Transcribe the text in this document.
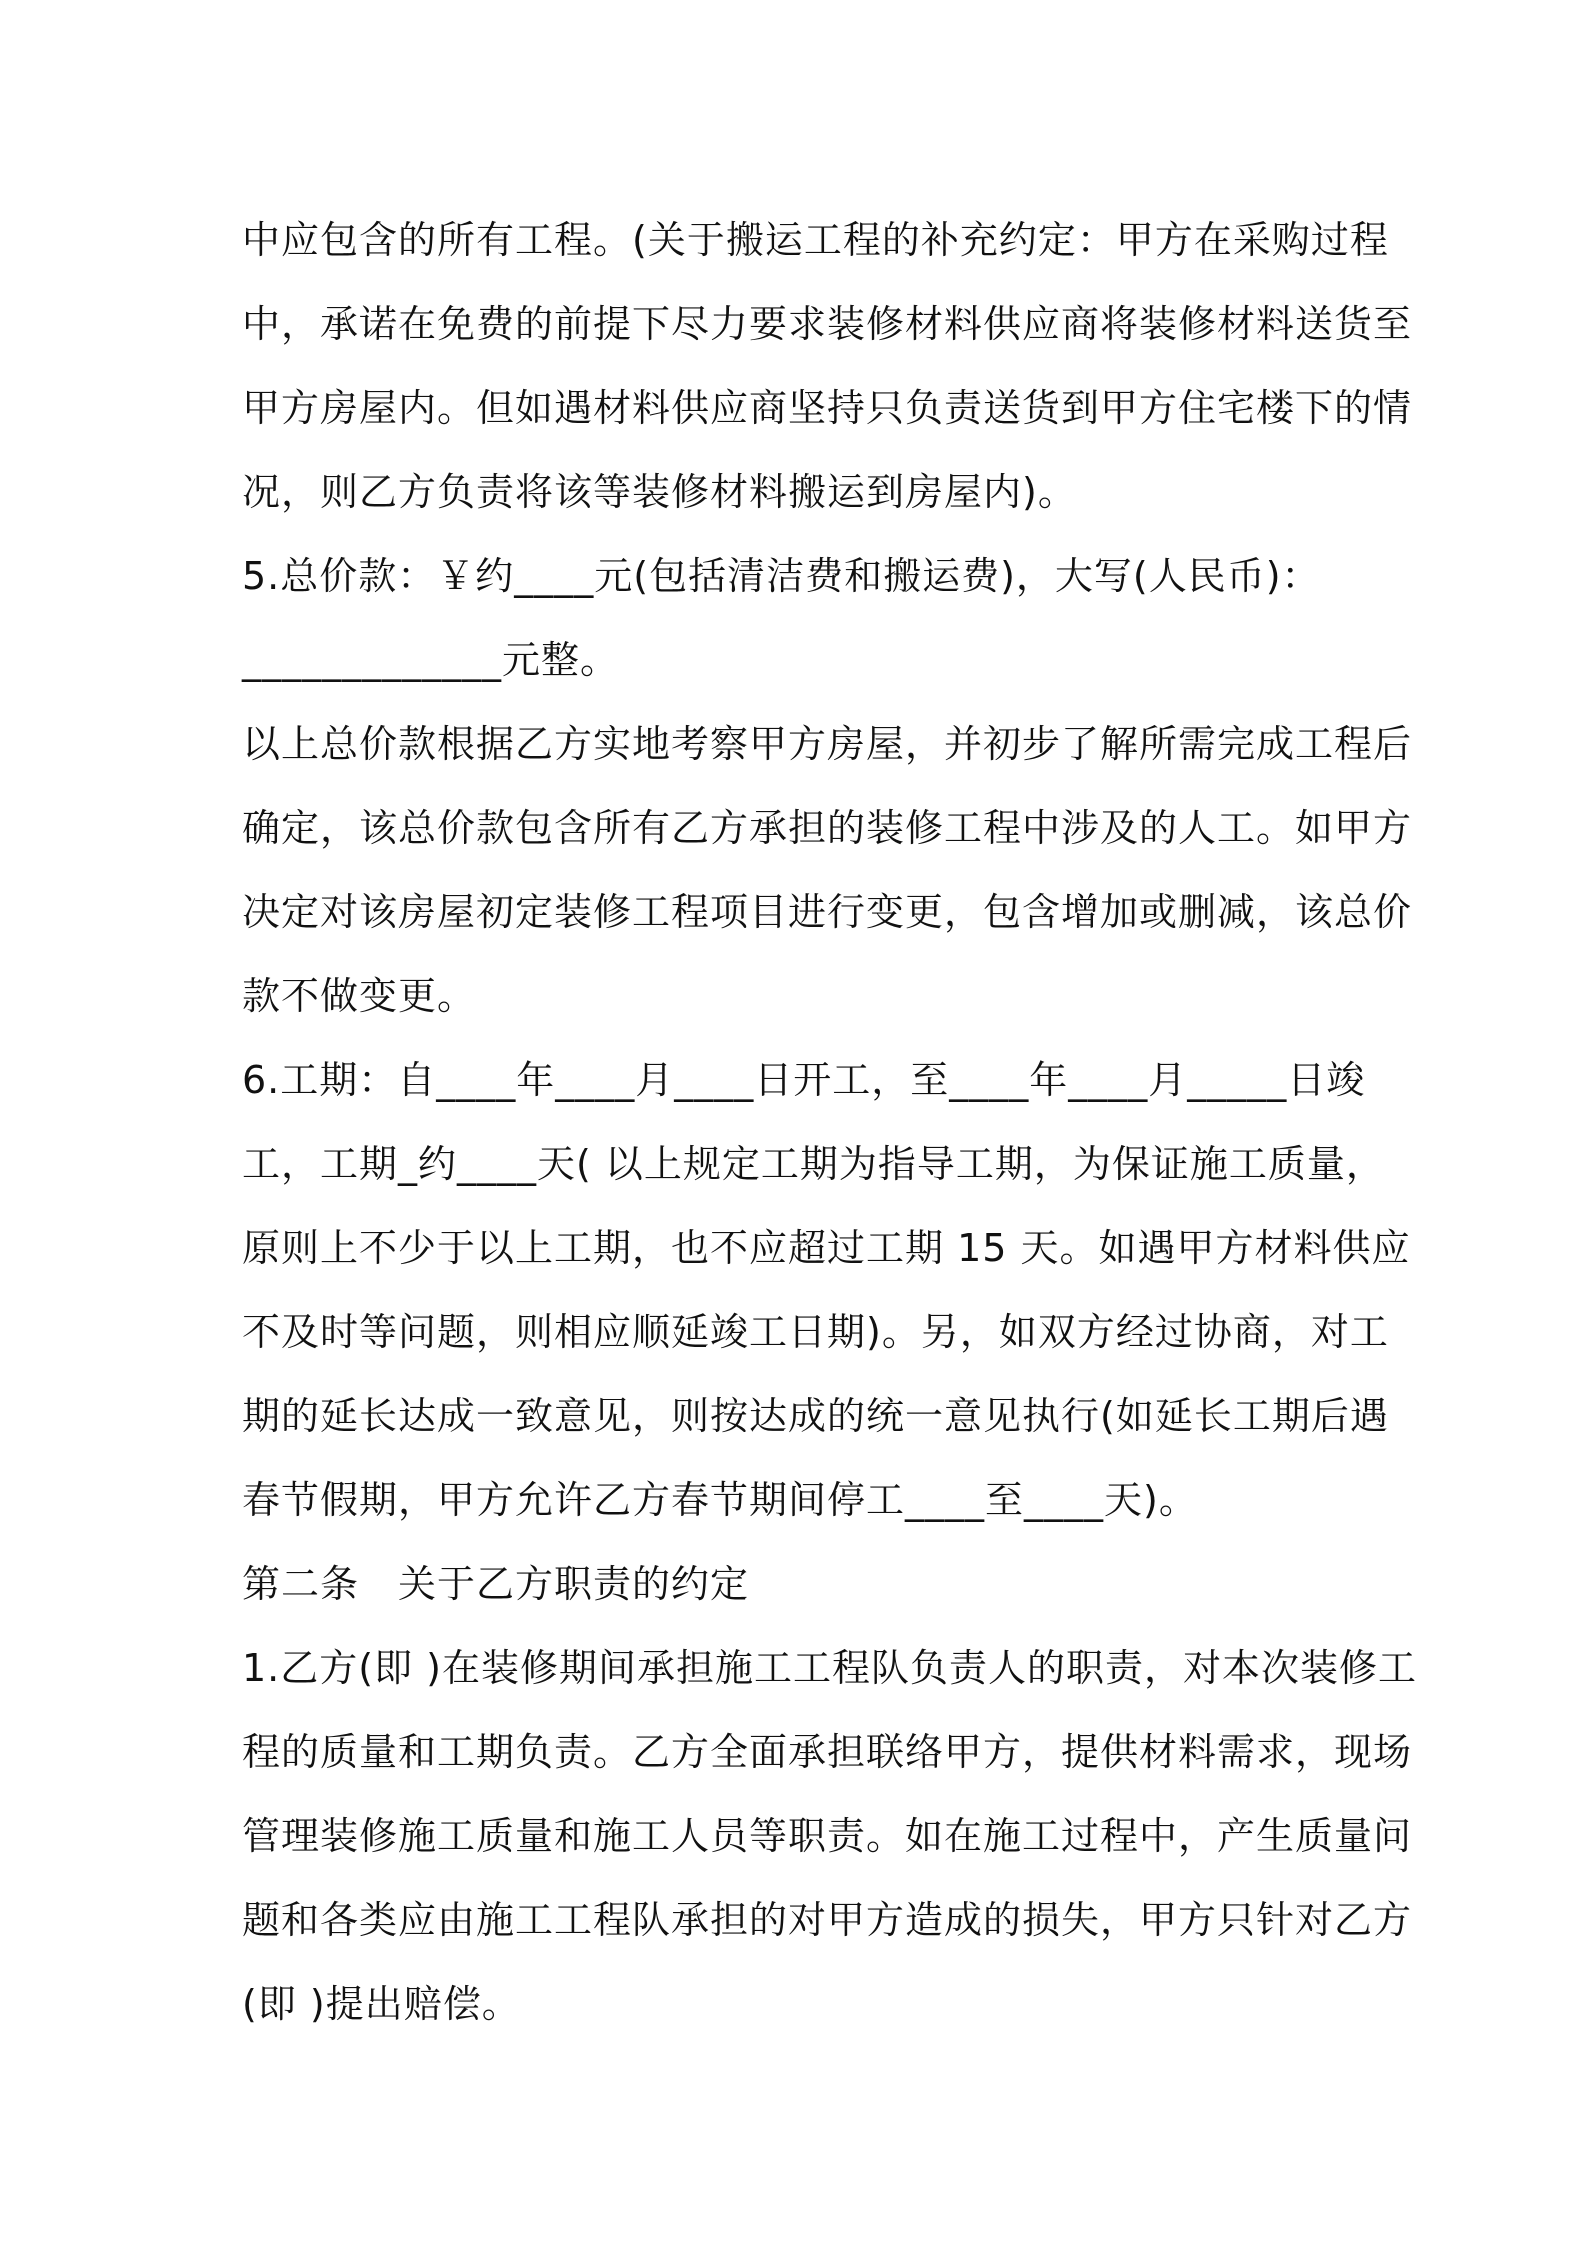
中应包含的所有工程。(关于搬运工程的补充约定：甲方在采购过程
中，承诺在免费的前提下尽力要求装修材料供应商将装修材料送货至
甲方房屋内。但如遇材料供应商坚持只负责送货到甲方住宅楼下的情
况，则乙方负责将该等装修材料搬运到房屋内)。
5.总价款：￥约____元(包括清洁费和搬运费)，大写(人民币)：
_____________元整。
以上总价款根据乙方实地考察甲方房屋，并初步了解所需完成工程后
确定，该总价款包含所有乙方承担的装修工程中涉及的人工。如甲方
决定对该房屋初定装修工程项目进行变更，包含增加或删减，该总价
款不做变更。
6.工期：自____年____月____日开工，至____年____月_____日竣
工，工期_约____天( 以上规定工期为指导工期，为保证施工质量，
原则上不少于以上工期，也不应超过工期 15 天。如遇甲方材料供应
不及时等问题，则相应顺延竣工日期)。另，如双方经过协商，对工
期的延长达成一致意见，则按达成的统一意见执行(如延长工期后遇
春节假期，甲方允许乙方春节期间停工____至____天)。
第二条　关于乙方职责的约定
1.乙方(即 )在装修期间承担施工工程队负责人的职责，对本次装修工
程的质量和工期负责。乙方全面承担联络甲方，提供材料需求，现场
管理装修施工质量和施工人员等职责。如在施工过程中，产生质量问
题和各类应由施工工程队承担的对甲方造成的损失，甲方只针对乙方
(即 )提出赔偿。
